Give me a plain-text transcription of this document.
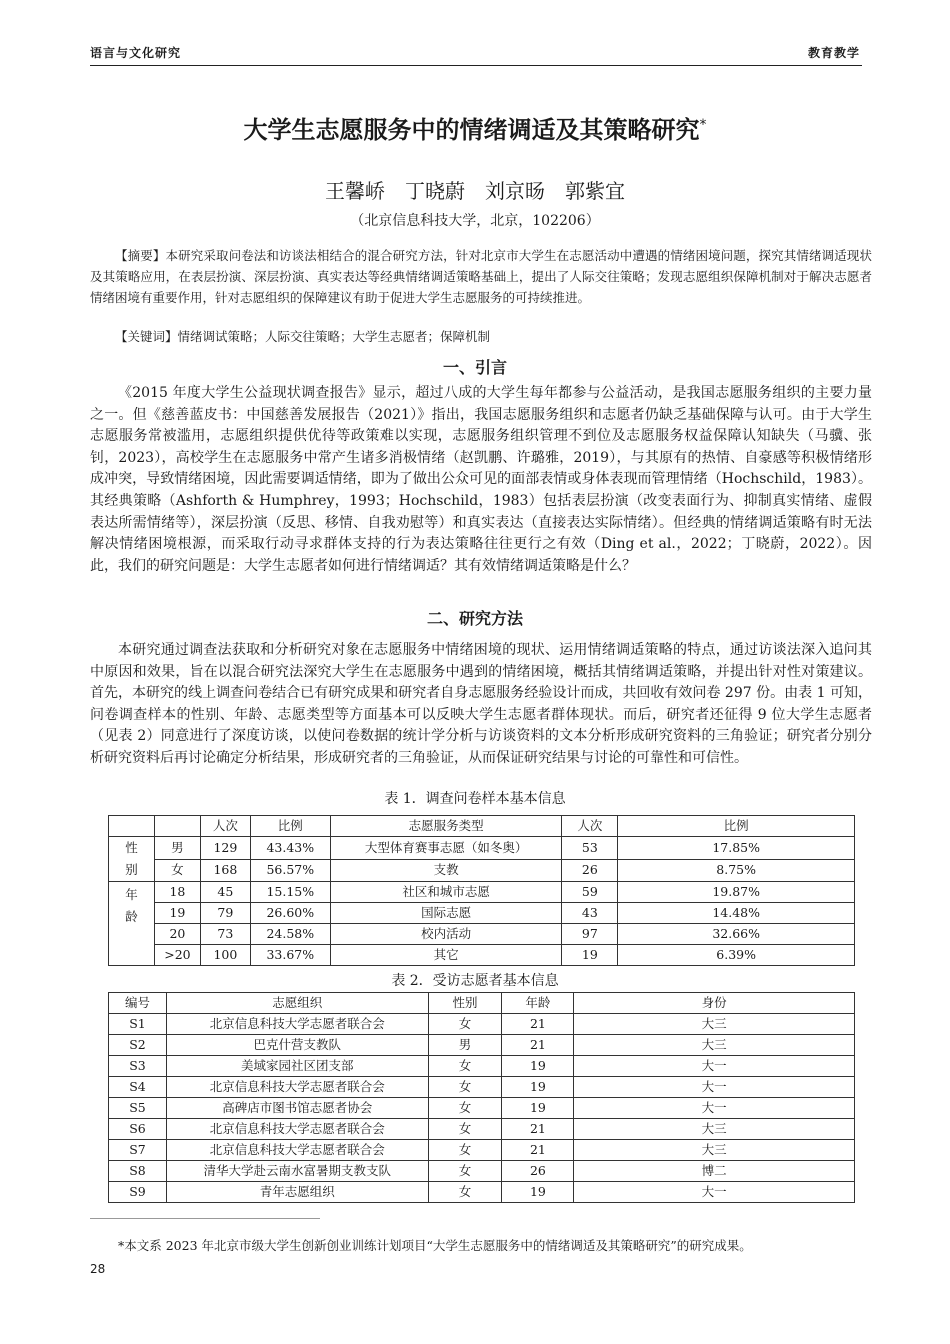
语言与文化研究	教育教学
大学生志愿服务中的情绪调适及其策略研究*
王馨峤　丁晓蔚　刘京旸　郭紫宜
（北京信息科技大学，北京，102206）
【摘要】本研究采取问卷法和访谈法相结合的混合研究方法，针对北京市大学生在志愿活动中遭遇的情绪困境问题，探究其情绪调适现状及其策略应用，在表层扮演、深层扮演、真实表达等经典情绪调适策略基础上，提出了人际交往策略；发现志愿组织保障机制对于解决志愿者情绪困境有重要作用，针对志愿组织的保障建议有助于促进大学生志愿服务的可持续推进。
【关键词】情绪调试策略；人际交往策略；大学生志愿者；保障机制
一、引言
《2015 年度大学生公益现状调查报告》显示，超过八成的大学生每年都参与公益活动，是我国志愿服务组织的主要力量之一。但《慈善蓝皮书：中国慈善发展报告（2021）》指出，我国志愿服务组织和志愿者仍缺乏基础保障与认可。由于大学生志愿服务常被滥用，志愿组织提供优待等政策难以实现，志愿服务组织管理不到位及志愿服务权益保障认知缺失（马骥、张钊，2023），高校学生在志愿服务中常产生诸多消极情绪（赵凯鹏、许璐雅，2019），与其原有的热情、自豪感等积极情绪形成冲突，导致情绪困境，因此需要调适情绪，即为了做出公众可见的面部表情或身体表现而管理情绪（Hochschild，1983）。其经典策略（Ashforth & Humphrey，1993；Hochschild，1983）包括表层扮演（改变表面行为、抑制真实情绪、虚假表达所需情绪等），深层扮演（反思、移情、自我劝慰等）和真实表达（直接表达实际情绪）。但经典的情绪调适策略有时无法解决情绪困境根源，而采取行动寻求群体支持的行为表达策略往往更行之有效（Ding et al.，2022；丁晓蔚，2022）。因此，我们的研究问题是：大学生志愿者如何进行情绪调适？其有效情绪调适策略是什么？
二、研究方法
本研究通过调查法获取和分析研究对象在志愿服务中情绪困境的现状、运用情绪调适策略的特点，通过访谈法深入追问其中原因和效果，旨在以混合研究法深究大学生在志愿服务中遇到的情绪困境，概括其情绪调适策略，并提出针对性对策建议。首先，本研究的线上调查问卷结合已有研究成果和研究者自身志愿服务经验设计而成，共回收有效问卷 297 份。由表 1 可知，问卷调查样本的性别、年龄、志愿类型等方面基本可以反映大学生志愿者群体现状。而后，研究者还征得 9 位大学生志愿者（见表 2）同意进行了深度访谈，以使问卷数据的统计学分析与访谈资料的文本分析形成研究资料的三角验证；研究者分别分析研究资料后再讨论确定分析结果，形成研究者的三角验证，从而保证研究结果与讨论的可靠性和可信性。
表 1．调查问卷样本基本信息
		人次	比例	志愿服务类型	人次	比例
性别	男	129	43.43%	大型体育赛事志愿（如冬奥）	53	17.85%
	女	168	56.57%	支教	26	8.75%
年龄	18	45	15.15%	社区和城市志愿	59	19.87%
	19	79	26.60%	国际志愿	43	14.48%
	20	73	24.58%	校内活动	97	32.66%
	>20	100	33.67%	其它	19	6.39%
表 2．受访志愿者基本信息
编号	志愿组织	性别	年龄	身份
S1	北京信息科技大学志愿者联合会	女	21	大三
S2	巴克什营支教队	男	21	大三
S3	美域家园社区团支部	女	19	大一
S4	北京信息科技大学志愿者联合会	女	19	大一
S5	高碑店市图书馆志愿者协会	女	19	大一
S6	北京信息科技大学志愿者联合会	女	21	大三
S7	北京信息科技大学志愿者联合会	女	21	大三
S8	清华大学赴云南水富暑期支教支队	女	26	博二
S9	青年志愿组织	女	19	大一
*本文系 2023 年北京市级大学生创新创业训练计划项目“大学生志愿服务中的情绪调适及其策略研究”的研究成果。
28
